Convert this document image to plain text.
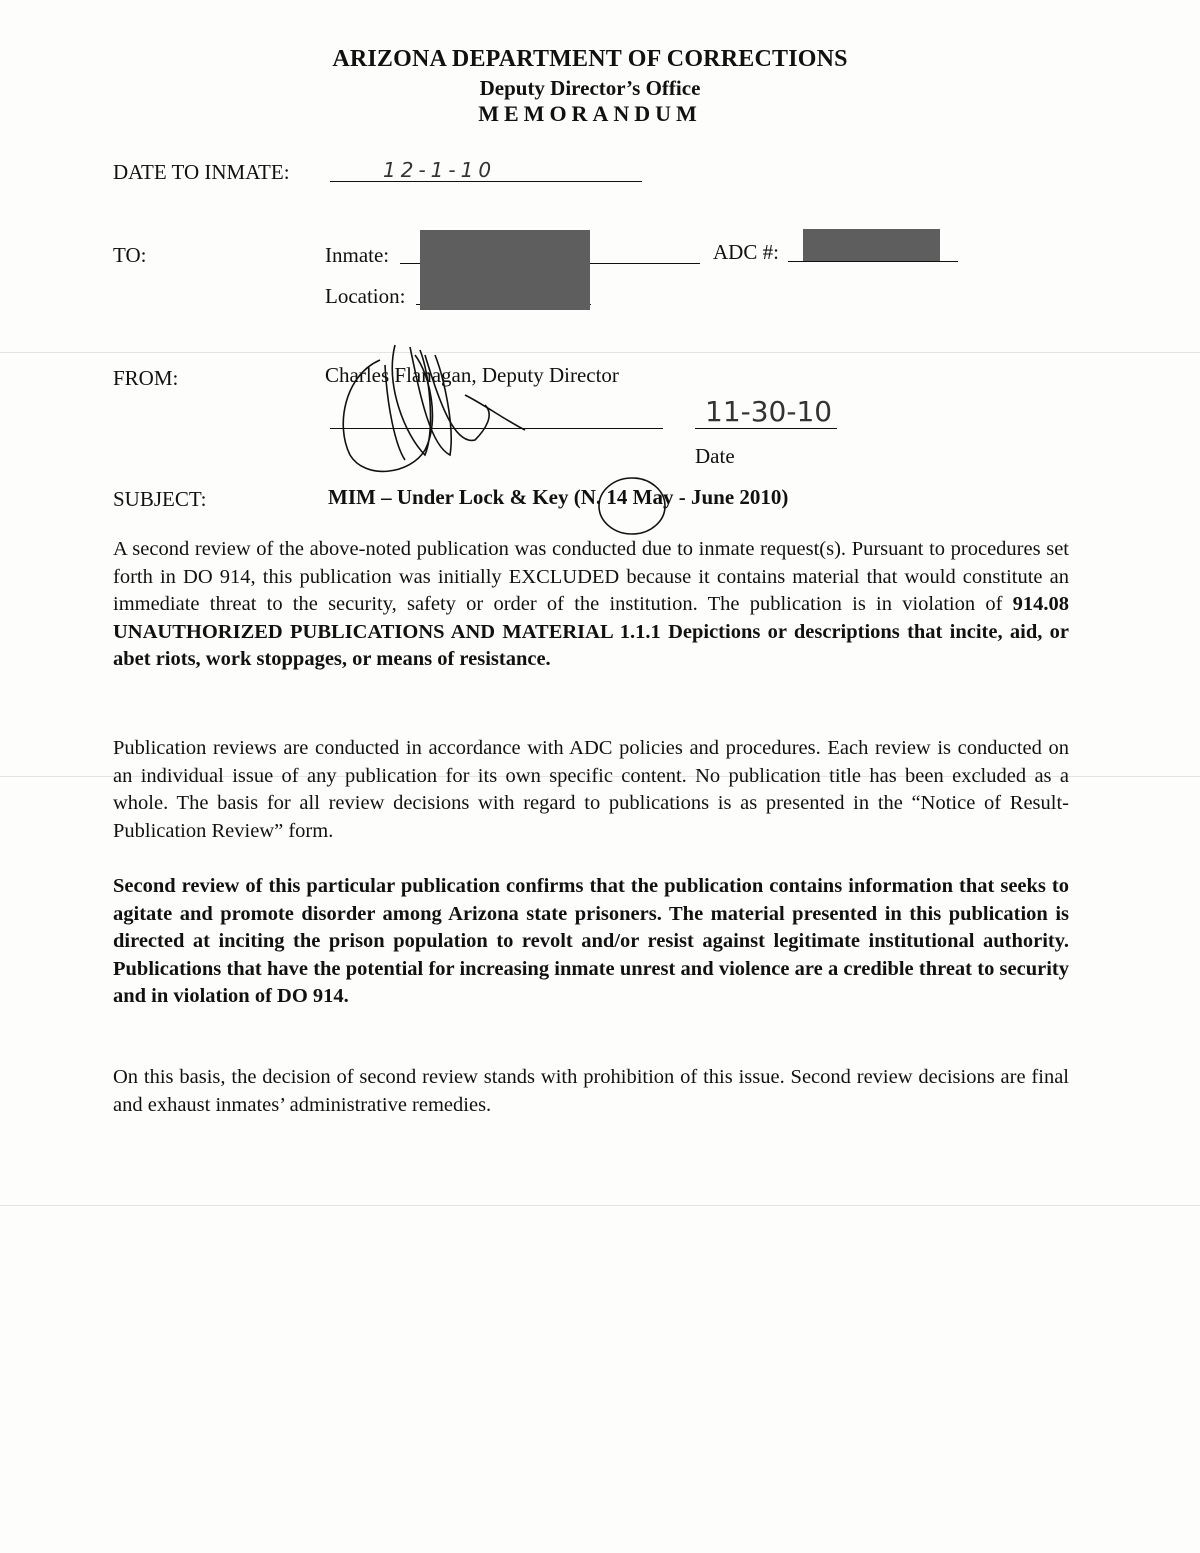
ARIZONA DEPARTMENT OF CORRECTIONS
Deputy Director’s Office
MEMORANDUM
DATE TO INMATE:	12-1-10
TO:	Inmate:	ADC #:
Location:
FROM:	Charles Flanagan, Deputy Director
11-30-10
Date
SUBJECT:	MIM – Under Lock & Key (N. 14 May - June 2010)
A second review of the above-noted publication was conducted due to inmate request(s). Pursuant to procedures set forth in DO 914, this publication was initially EXCLUDED because it contains material that would constitute an immediate threat to the security, safety or order of the institution. The publication is in violation of 914.08 UNAUTHORIZED PUBLICATIONS AND MATERIAL 1.1.1 Depictions or descriptions that incite, aid, or abet riots, work stoppages, or means of resistance.
Publication reviews are conducted in accordance with ADC policies and procedures. Each review is conducted on an individual issue of any publication for its own specific content. No publication title has been excluded as a whole. The basis for all review decisions with regard to publications is as presented in the “Notice of Result-Publication Review” form.
Second review of this particular publication confirms that the publication contains information that seeks to agitate and promote disorder among Arizona state prisoners. The material presented in this publication is directed at inciting the prison population to revolt and/or resist against legitimate institutional authority. Publications that have the potential for increasing inmate unrest and violence are a credible threat to security and in violation of DO 914.
On this basis, the decision of second review stands with prohibition of this issue. Second review decisions are final and exhaust inmates’ administrative remedies.
